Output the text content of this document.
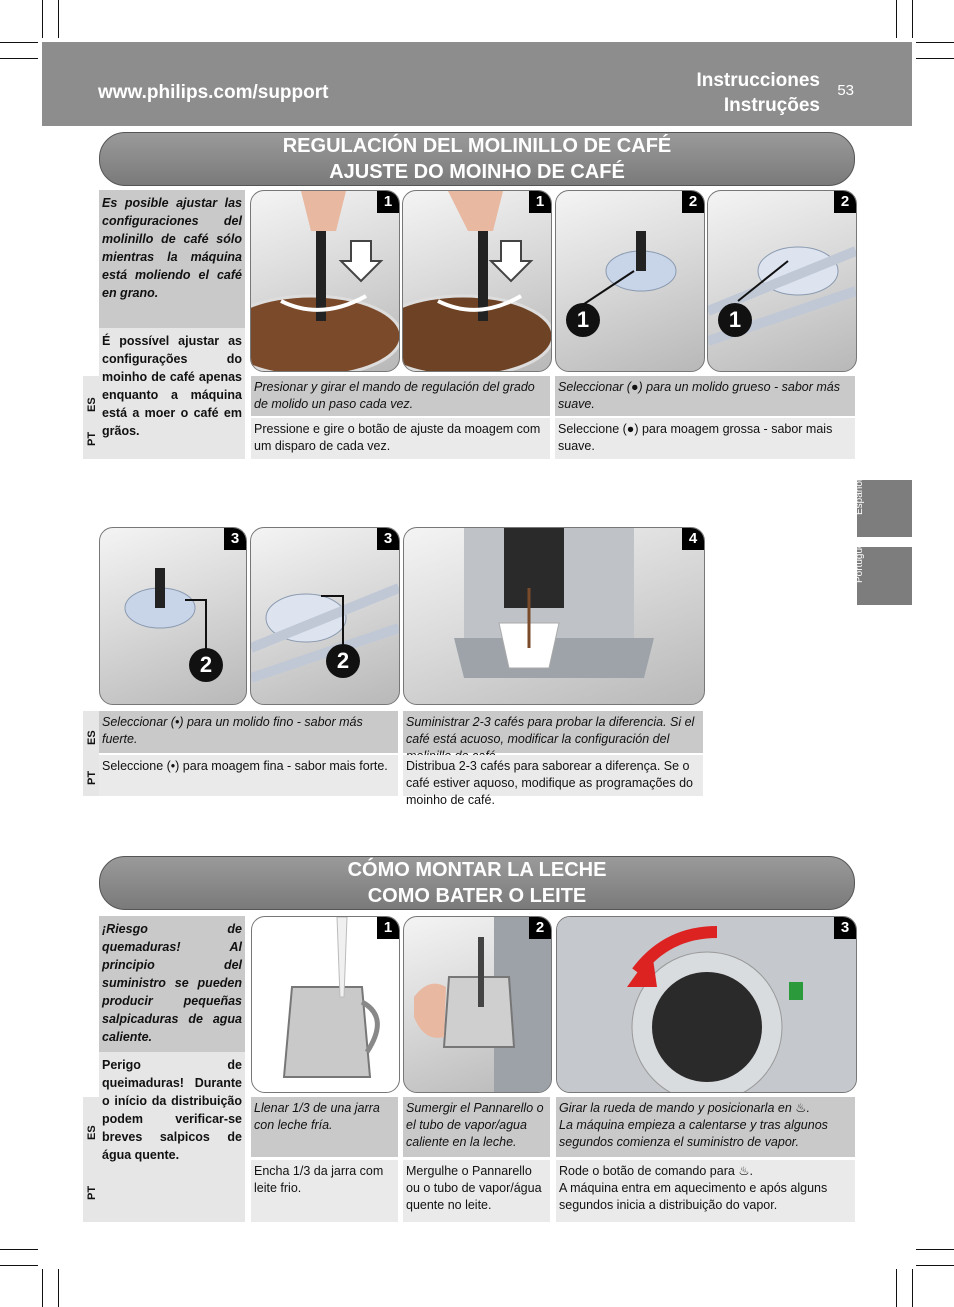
www.philips.com/support
Instrucciones
Instruções
53
Español
Português
REGULACIÓN DEL MOLINILLO DE CAFÉ
AJUSTE DO MOINHO DE CAFÉ

Es posible ajustar las configuraciones del molinillo de café sólo mientras la máquina está moliendo el café en grano.

É possível ajustar as configurações do moinho de café apenas enquanto a máquina está a moer o café em grãos.

ES
PT
1	1
1
2
1
2
Presionar y girar el mando de regulación del grado de molido un paso cada vez.
Pressione e gire o botão de ajuste da moagem com um disparo de cada vez.
Seleccionar (●) para un molido grueso - sabor más suave.
Seleccione (●) para moagem grossa - sabor mais suave.
2
3
2
3	4
ES
PT
Seleccionar (•) para un molido fino - sabor más fuerte.
Seleccione (•) para moagem fina - sabor mais forte.
Suministrar 2-3 cafés para probar la diferencia. Si el café está acuoso, modificar la configuración del
Distribua 2-3 cafés para saborear a diferença. Se o café estiver aquoso, modifique as programações do moinho de café.
CÓMO MONTAR LA LECHE
COMO BATER O LEITE

¡Riesgo de quemaduras! Al principio del suministro se pueden producir pequeñas salpicaduras de agua caliente.

Perigo de queimaduras! Durante o início da distribuição podem verificar-se breves salpicos de água quente.

ES
PT
1	2	3
Llenar 1/3 de una jarra con leche fría.
Encha 1/3 da jarra com leite frio.
Sumergir el Pannarello o el tubo de vapor/agua caliente en la leche.
Mergulhe o Pannarello ou o tubo de vapor/água quente no leite.
Girar la rueda de mando y posicionarla en ♨.
La máquina empieza a calentarse y tras algunos segundos comienza el suministro de vapor.
Rode o botão de comando para ♨.
A máquina entra em aquecimento e após alguns segundos inicia a distribuição do vapor.
